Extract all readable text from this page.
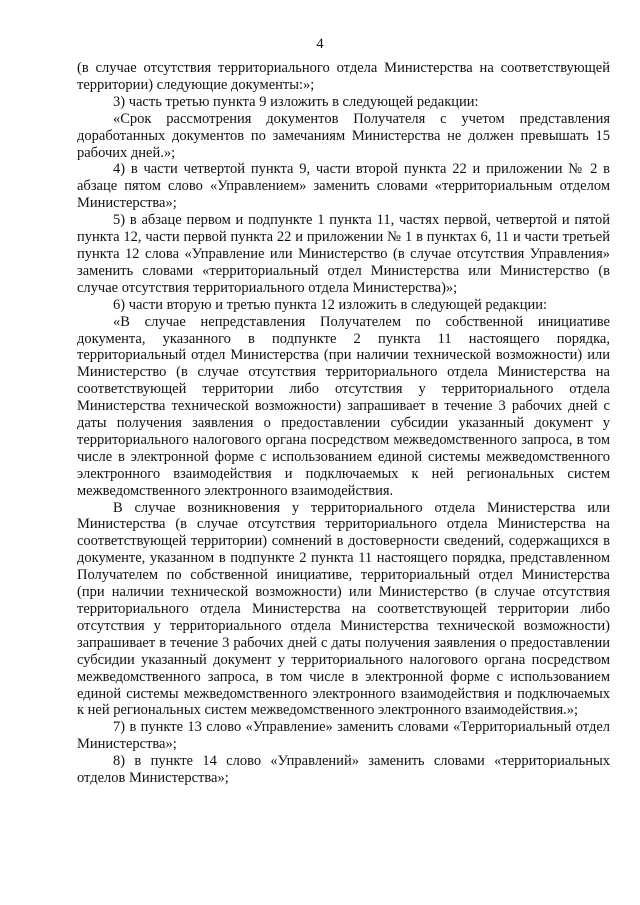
4

(в случае отсутствия территориального отдела Министерства на соответствующей территории) следующие документы:»;

3) часть третью пункта 9 изложить в следующей редакции:

«Срок рассмотрения документов Получателя с учетом представления доработанных документов по замечаниям Министерства не должен превышать 15 рабочих дней.»;

4) в части четвертой пункта 9, части второй пункта 22 и приложении № 2 в абзаце пятом слово «Управлением» заменить словами «территориальным отделом Министерства»;

5) в абзаце первом и подпункте 1 пункта 11, частях первой, четвертой и пятой пункта 12, части первой пункта 22 и приложении № 1 в пунктах 6, 11 и части третьей пункта 12 слова «Управление или Министерство (в случае отсутствия Управления» заменить словами «территориальный отдел Министерства или Министерство (в случае отсутствия территориального отдела Министерства)»;

6) части вторую и третью пункта 12 изложить в следующей редакции:

«В случае непредставления Получателем по собственной инициативе документа, указанного в подпункте 2 пункта 11 настоящего порядка, территориальный отдел Министерства (при наличии технической возможности) или Министерство (в случае отсутствия территориального отдела Министерства на соответствующей территории либо отсутствия у территориального отдела Министерства технической возможности) запрашивает в течение 3 рабочих дней с даты получения заявления о предоставлении субсидии указанный документ у территориального налогового органа посредством межведомственного запроса, в том числе в электронной форме с использованием единой системы межведомственного электронного взаимодействия и подключаемых к ней региональных систем межведомственного электронного взаимодействия.

В случае возникновения у территориального отдела Министерства или Министерства (в случае отсутствия территориального отдела Министерства на соответствующей территории) сомнений в достоверности сведений, содержащихся в документе, указанном в подпункте 2 пункта 11 настоящего порядка, представленном Получателем по собственной инициативе, территориальный отдел Министерства (при наличии технической возможности) или Министерство (в случае отсутствия территориального отдела Министерства на соответствующей территории либо отсутствия у территориального отдела Министерства технической возможности) запрашивает в течение 3 рабочих дней с даты получения заявления о предоставлении субсидии указанный документ у территориального налогового органа посредством межведомственного запроса, в том числе в электронной форме с использованием единой системы межведомственного электронного взаимодействия и подключаемых к ней региональных систем межведомственного электронного взаимодействия.»;

7) в пункте 13 слово «Управление» заменить словами «Территориальный отдел Министерства»;

8) в пункте 14 слово «Управлений» заменить словами «территориальных отделов Министерства»;
